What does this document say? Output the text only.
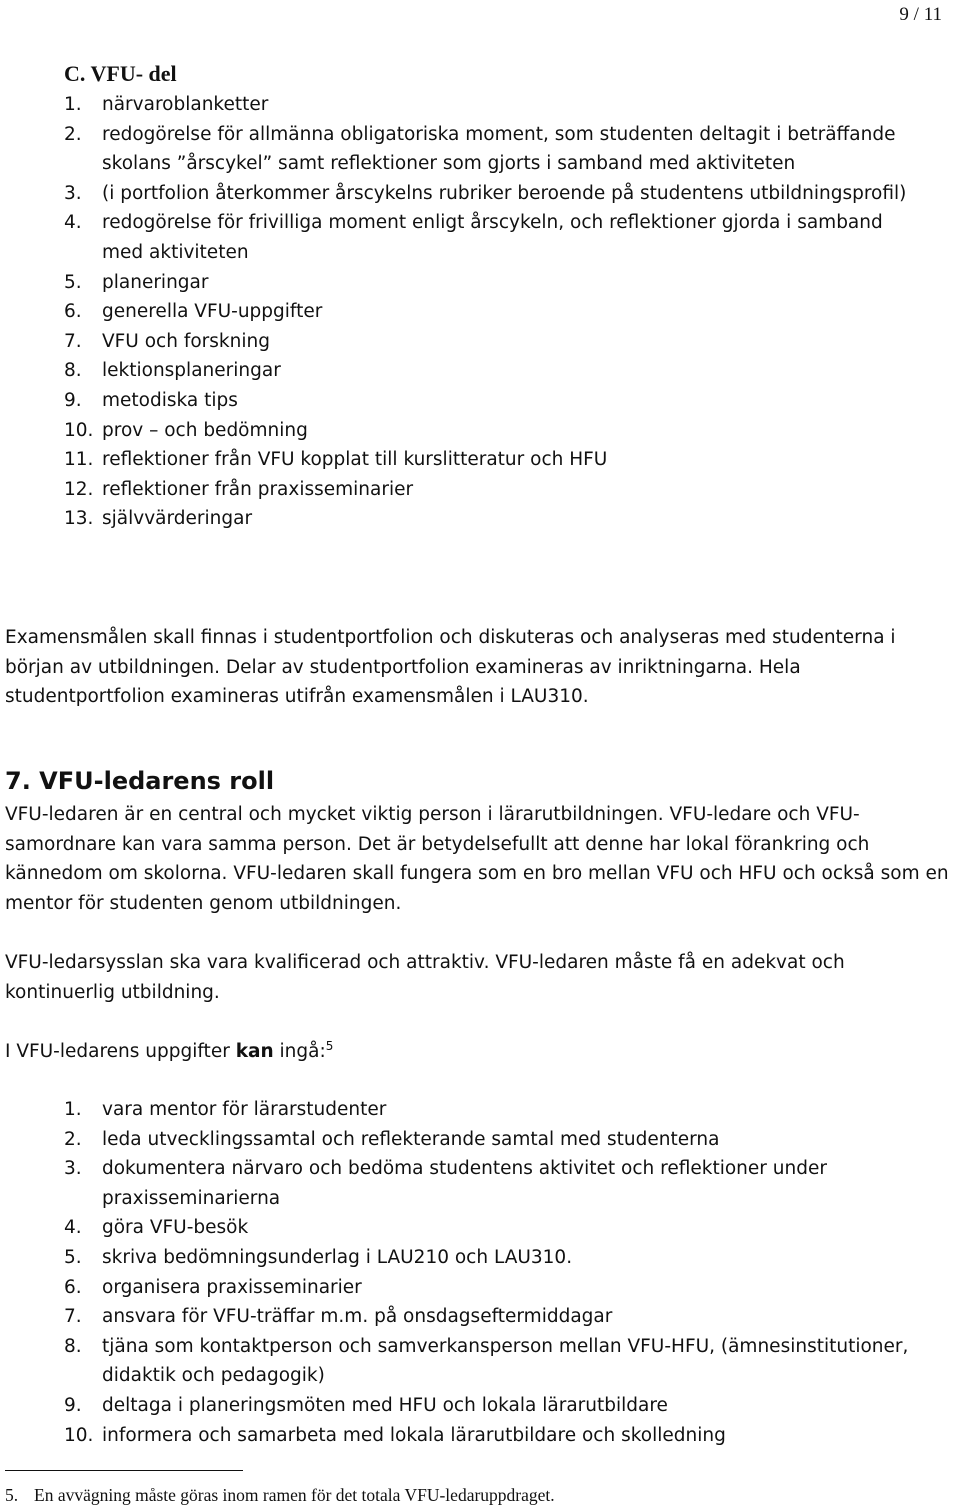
9 / 11
C. VFU- del
1.	närvaroblanketter
2.	redogörelse för allmänna obligatoriska moment, som studenten deltagit i beträffande skolans ”årscykel” samt reflektioner som gjorts i samband med aktiviteten
3.	(i portfolion återkommer årscykelns rubriker beroende på studentens utbildningsprofil)
4.	redogörelse för frivilliga moment enligt årscykeln, och reflektioner gjorda i samband med aktiviteten
5.	planeringar
6.	generella VFU-uppgifter
7.	VFU och forskning
8.	lektionsplaneringar
9.	metodiska tips
10. prov – och bedömning
11. reflektioner från VFU kopplat till kurslitteratur och HFU
12. reflektioner från praxisseminarier
13. självvärderingar

Examensmålen skall finnas i studentportfolion och diskuteras och analyseras med studenterna i början av utbildningen. Delar av studentportfolion examineras av inriktningarna. Hela studentportfolion examineras utifrån examensmålen i LAU310.

7. VFU-ledarens roll

VFU-ledaren är en central och mycket viktig person i lärarutbildningen. VFU-ledare och VFU-samordnare kan vara samma person. Det är betydelsefullt att denne har lokal förankring och kännedom om skolorna. VFU-ledaren skall fungera som en bro mellan VFU och HFU och också som en mentor för studenten genom utbildningen.

VFU-ledarsysslan ska vara kvalificerad och attraktiv. VFU-ledaren måste få en adekvat och kontinuerlig utbildning.

I VFU-ledarens uppgifter kan ingå:$^5$

1.	vara mentor för lärarstudenter
2.	leda utvecklingssamtal och reflekterande samtal med studenterna
3.	dokumentera närvaro och bedöma studentens aktivitet och reflektioner under praxisseminarierna
4.	göra VFU-besök
5.	skriva bedömningsunderlag i LAU210 och LAU310.
6.	organisera praxisseminarier
7.	ansvara för VFU-träffar m.m. på onsdagseftermiddagar
8.	tjäna som kontaktperson och samverkansperson mellan VFU-HFU, (ämnesinstitutioner, didaktik och pedagogik)
9.	deltaga i planeringsmöten med HFU och lokala lärarutbildare
10. informera och samarbeta med lokala lärarutbildare och skolledning
5. En avvägning måste göras inom ramen för det totala VFU-ledaruppdraget.
